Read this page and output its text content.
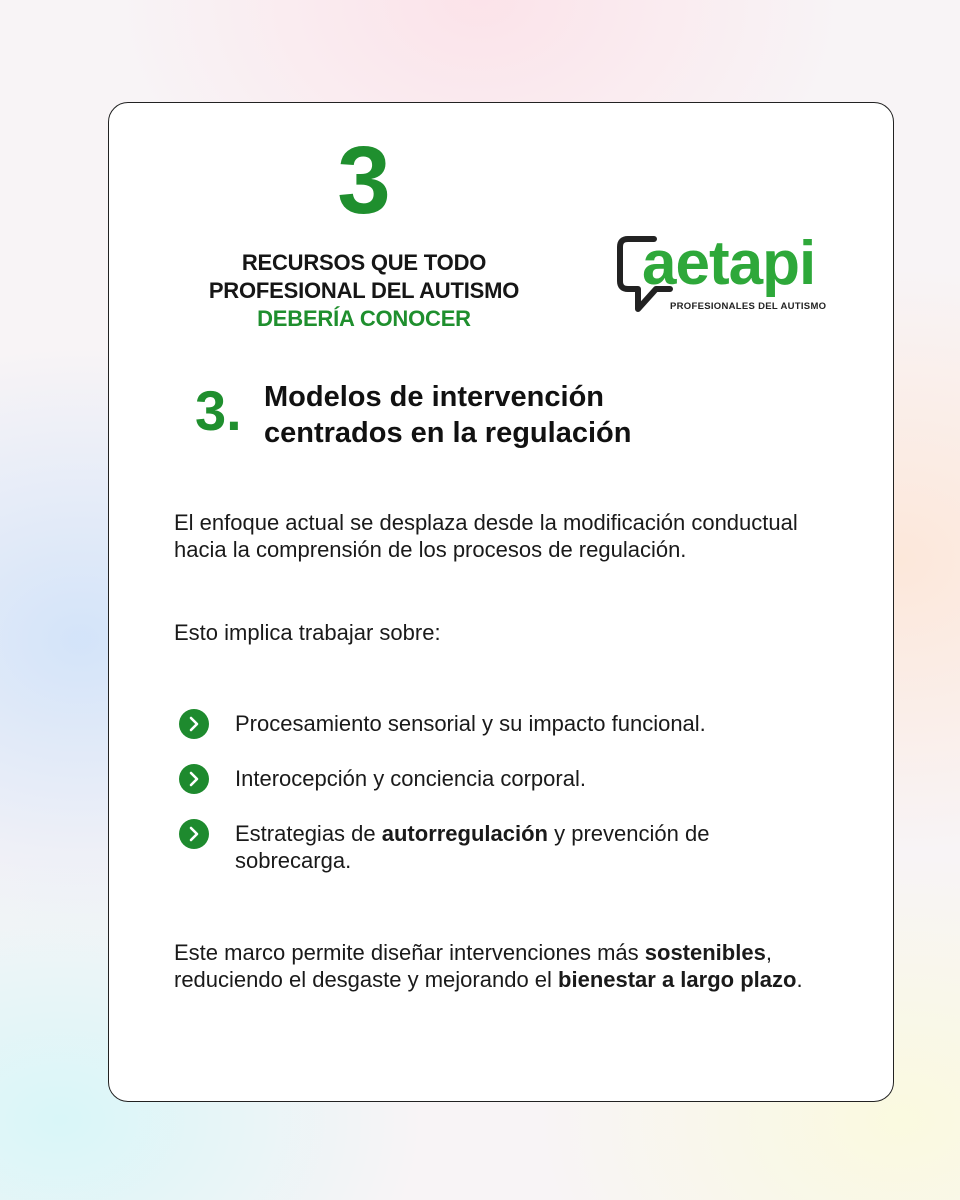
3
RECURSOS QUE TODO
PROFESIONAL DEL AUTISMO
DEBERÍA CONOCER
aetapi
PROFESIONALES DEL AUTISMO
3. Modelos de intervención
centrados en la regulación
El enfoque actual se desplaza desde la modificación conductual hacia la comprensión de los procesos de regulación.
Esto implica trabajar sobre:
Procesamiento sensorial y su impacto funcional.
Interocepción y conciencia corporal.
Estrategias de autorregulación y prevención de sobrecarga.
Este marco permite diseñar intervenciones más sostenibles, reduciendo el desgaste y mejorando el bienestar a largo plazo.
